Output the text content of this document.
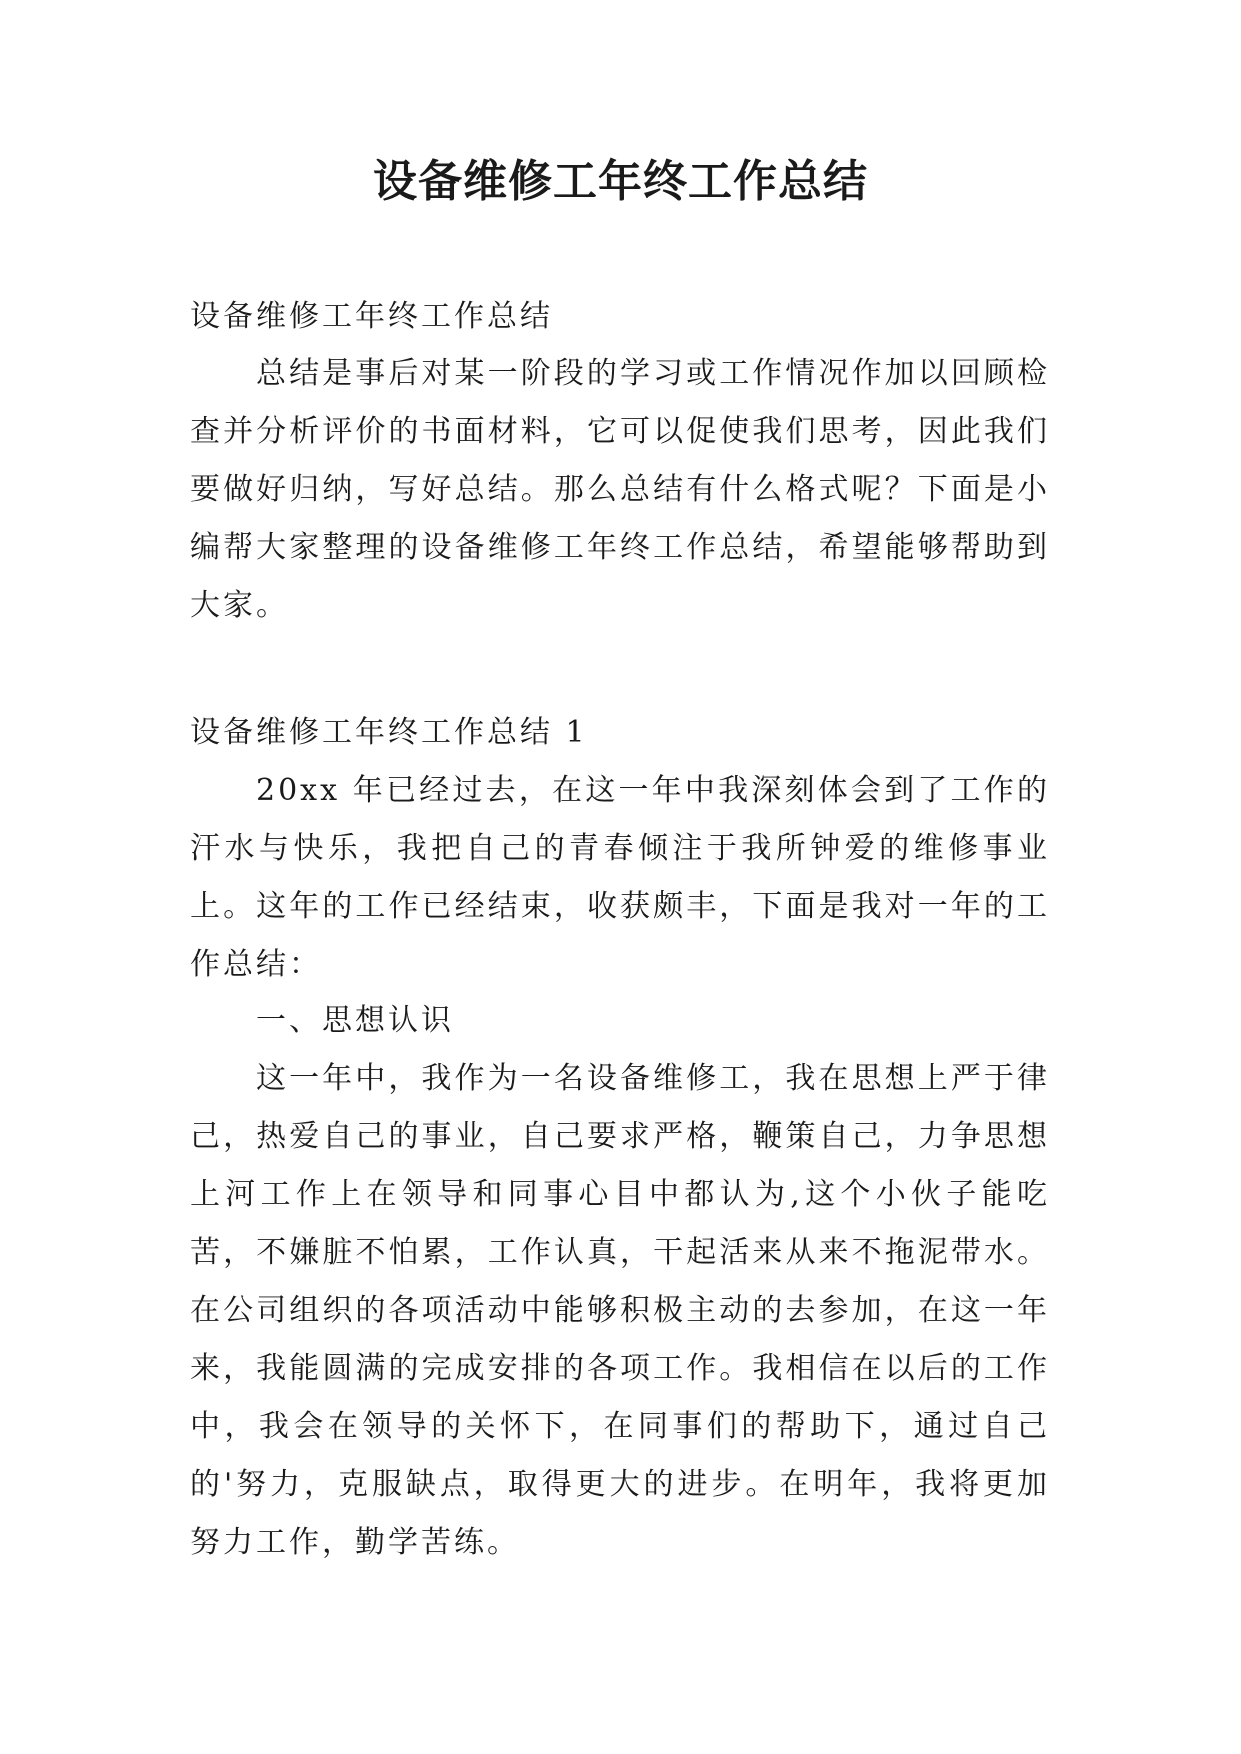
设备维修工年终工作总结

设备维修工年终工作总结

总结是事后对某一阶段的学习或工作情况作加以回顾检查并分析评价的书面材料，它可以促使我们思考，因此我们要做好归纳，写好总结。那么总结有什么格式呢？下面是小编帮大家整理的设备维修工年终工作总结，希望能够帮助到大家。

设备维修工年终工作总结 1

20xx 年已经过去，在这一年中我深刻体会到了工作的汗水与快乐，我把自己的青春倾注于我所钟爱的维修事业上。这年的工作已经结束，收获颇丰，下面是我对一年的工作总结：

一、思想认识

这一年中，我作为一名设备维修工，我在思想上严于律己，热爱自己的事业，自己要求严格，鞭策自己，力争思想上河工作上在领导和同事心目中都认为,这个小伙子能吃苦，不嫌脏不怕累，工作认真，干起活来从来不拖泥带水。在公司组织的各项活动中能够积极主动的去参加，在这一年来，我能圆满的完成安排的各项工作。我相信在以后的工作中，我会在领导的关怀下，在同事们的帮助下，通过自己的'努力，克服缺点，取得更大的进步。在明年，我将更加努力工作，勤学苦练。
